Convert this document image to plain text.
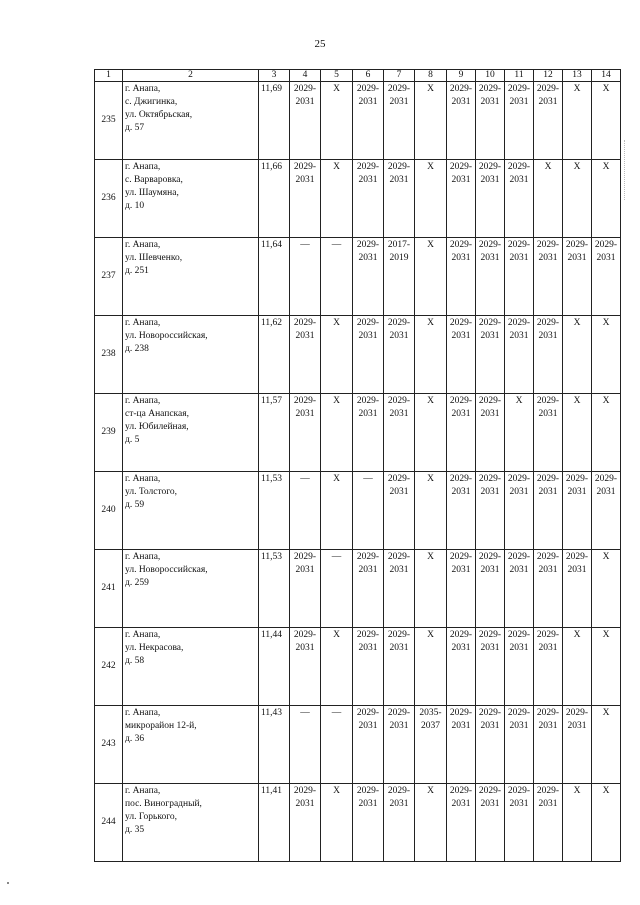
25
1	2	3	4	5	6	7	8	9	10	11	12	13	14
235	г. Анапа,
с. Джигинка,
ул. Октябрьская,
д. 57	11,69	2029-
2031	Х	2029-
2031	2029-
2031	Х	2029-
2031	2029-
2031	2029-
2031	2029-
2031	Х	Х
236	г. Анапа,
с. Варваровка,
ул. Шаумяна,
д. 10	11,66	2029-
2031	Х	2029-
2031	2029-
2031	Х	2029-
2031	2029-
2031	2029-
2031	Х	Х	Х
237	г. Анапа,
ул. Шевченко,
д. 251	11,64	—	—	2029-
2031	2017-
2019	Х	2029-
2031	2029-
2031	2029-
2031	2029-
2031	2029-
2031	2029-
2031
238	г. Анапа,
ул. Новороссийская,
д. 238	11,62	2029-
2031	Х	2029-
2031	2029-
2031	Х	2029-
2031	2029-
2031	2029-
2031	2029-
2031	Х	Х
239	г. Анапа,
ст-ца Анапская,
ул. Юбилейная,
д. 5	11,57	2029-
2031	Х	2029-
2031	2029-
2031	Х	2029-
2031	2029-
2031	Х	2029-
2031	Х	Х
240	г. Анапа,
ул. Толстого,
д. 59	11,53	—	Х	—	2029-
2031	Х	2029-
2031	2029-
2031	2029-
2031	2029-
2031	2029-
2031	2029-
2031
241	г. Анапа,
ул. Новороссийская,
д. 259	11,53	2029-
2031	—	2029-
2031	2029-
2031	Х	2029-
2031	2029-
2031	2029-
2031	2029-
2031	2029-
2031	Х
242	г. Анапа,
ул. Некрасова,
д. 58	11,44	2029-
2031	Х	2029-
2031	2029-
2031	Х	2029-
2031	2029-
2031	2029-
2031	2029-
2031	Х	Х
243	г. Анапа,
микрорайон 12-й,
д. 36	11,43	—	—	2029-
2031	2029-
2031	2035-
2037	2029-
2031	2029-
2031	2029-
2031	2029-
2031	2029-
2031	Х
244	г. Анапа,
пос. Виноградный,
ул. Горького,
д. 35	11,41	2029-
2031	Х	2029-
2031	2029-
2031	Х	2029-
2031	2029-
2031	2029-
2031	2029-
2031	Х	Х
